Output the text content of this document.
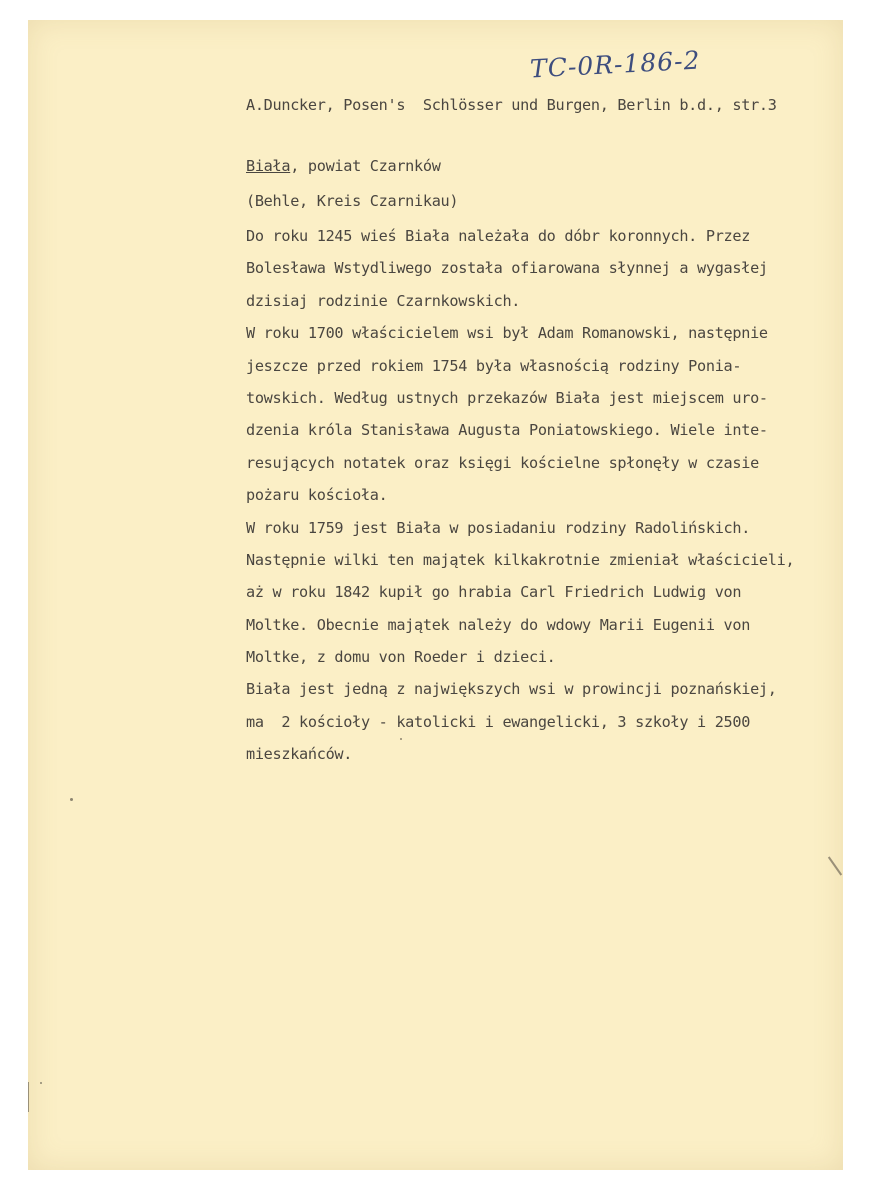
TC-0R-186-2
A.Duncker, Posen's  Schlösser und Burgen, Berlin b.d., str.3
Biała, powiat Czarnków
(Behle, Kreis Czarnikau)
Do roku 1245 wieś Biała należała do dóbr koronnych. Przez
Bolesława Wstydliwego została ofiarowana słynnej a wygasłej
dzisiaj rodzinie Czarnkowskich.
W roku 1700 właścicielem wsi był Adam Romanowski, następnie
jeszcze przed rokiem 1754 była własnością rodziny Ponia-
towskich. Według ustnych przekazów Biała jest miejscem uro-
dzenia króla Stanisława Augusta Poniatowskiego. Wiele inte-
resujących notatek oraz księgi kościelne spłonęły w czasie
pożaru kościoła.
W roku 1759 jest Biała w posiadaniu rodziny Radolińskich.
Następnie wilki ten majątek kilkakrotnie zmieniał właścicieli,
aż w roku 1842 kupił go hrabia Carl Friedrich Ludwig von
Moltke. Obecnie majątek należy do wdowy Marii Eugenii von
Moltke, z domu von Roeder i dzieci.
Biała jest jedną z największych wsi w prowincji poznańskiej,
ma  2 kościoły - katolicki i ewangelicki, 3 szkoły i 2500
mieszkańców.
